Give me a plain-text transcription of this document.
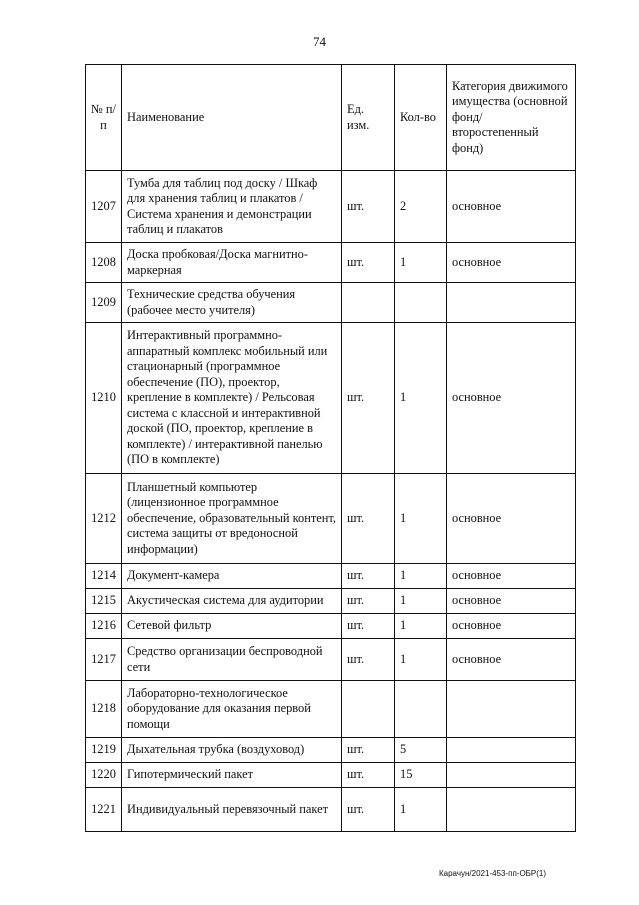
74
№ п/п	Наименование	Ед. изм.	Кол-во	Категория движимого имущества (основной фонд/ второстепенный фонд)
1207	Тумба для таблиц под доску / Шкаф для хранения таблиц и плакатов / Система хранения и демонстрации таблиц и плакатов	шт.	2	основное
1208	Доска пробковая/Доска магнитно-маркерная	шт.	1	основное
1209	Технические средства обучения (рабочее место учителя)			
1210	Интерактивный программно-аппаратный комплекс мобильный или стационарный (программное обеспечение (ПО), проектор, крепление в комплекте) / Рельсовая система с классной и интерактивной доской (ПО, проектор, крепление в комплекте) / интерактивной панелью (ПО в комплекте)	шт.	1	основное
1212	Планшетный компьютер (лицензионное программное обеспечение, образовательный контент, система защиты от вредоносной информации)	шт.	1	основное
1214	Документ-камера	шт.	1	основное
1215	Акустическая система для аудитории	шт.	1	основное
1216	Сетевой фильтр	шт.	1	основное
1217	Средство организации беспроводной сети	шт.	1	основное
1218	Лабораторно-технологическое оборудование для оказания первой помощи			
1219	Дыхательная трубка (воздуховод)	шт.	5	
1220	Гипотермический пакет	шт.	15	
1221	Индивидуальный перевязочный пакет	шт.	1	
Карачун/2021-453-пп-ОБР(1)
